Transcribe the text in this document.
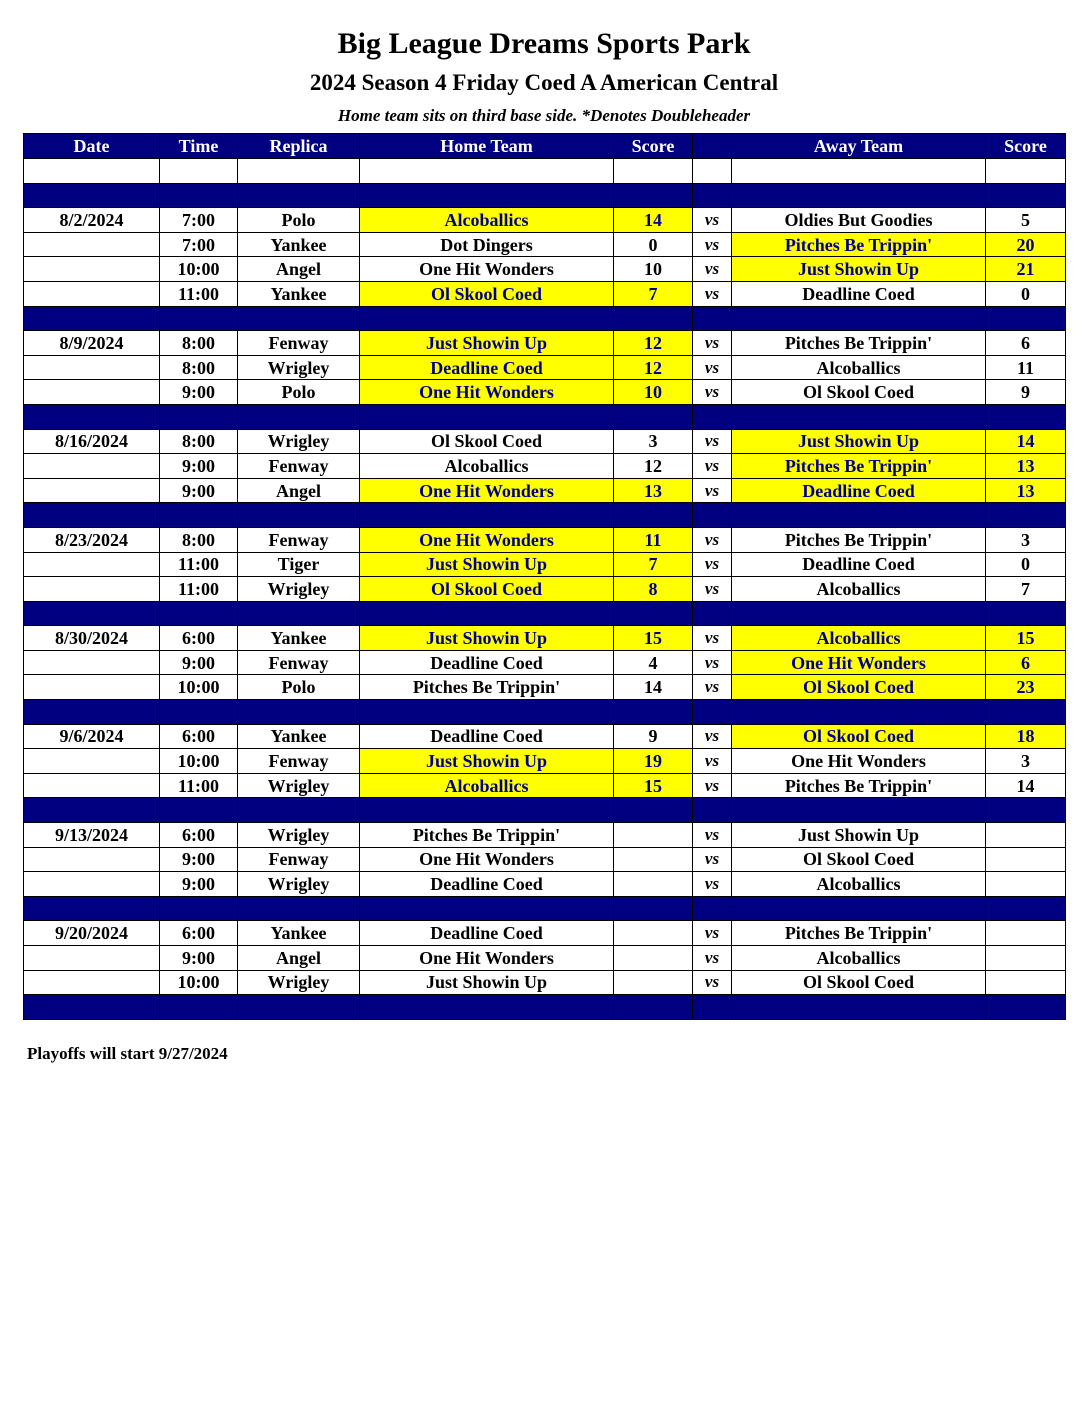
Big League Dreams Sports Park
2024 Season 4 Friday Coed A American Central
Home team sits on third base side. *Denotes Doubleheader
Date	Time	Replica	Home Team	Score		Away Team	Score

8/2/2024	7:00	Polo	Alcoballics	14	vs	Oldies But Goodies	5
	7:00	Yankee	Dot Dingers	0	vs	Pitches Be Trippin'	20
	10:00	Angel	One Hit Wonders	10	vs	Just Showin Up	21
	11:00	Yankee	Ol Skool Coed	7	vs	Deadline Coed	0

8/9/2024	8:00	Fenway	Just Showin Up	12	vs	Pitches Be Trippin'	6
	8:00	Wrigley	Deadline Coed	12	vs	Alcoballics	11
	9:00	Polo	One Hit Wonders	10	vs	Ol Skool Coed	9

8/16/2024	8:00	Wrigley	Ol Skool Coed	3	vs	Just Showin Up	14
	9:00	Fenway	Alcoballics	12	vs	Pitches Be Trippin'	13
	9:00	Angel	One Hit Wonders	13	vs	Deadline Coed	13

8/23/2024	8:00	Fenway	One Hit Wonders	11	vs	Pitches Be Trippin'	3
	11:00	Tiger	Just Showin Up	7	vs	Deadline Coed	0
	11:00	Wrigley	Ol Skool Coed	8	vs	Alcoballics	7

8/30/2024	6:00	Yankee	Just Showin Up	15	vs	Alcoballics	15
	9:00	Fenway	Deadline Coed	4	vs	One Hit Wonders	6
	10:00	Polo	Pitches Be Trippin'	14	vs	Ol Skool Coed	23

9/6/2024	6:00	Yankee	Deadline Coed	9	vs	Ol Skool Coed	18
	10:00	Fenway	Just Showin Up	19	vs	One Hit Wonders	3
	11:00	Wrigley	Alcoballics	15	vs	Pitches Be Trippin'	14

9/13/2024	6:00	Wrigley	Pitches Be Trippin'		vs	Just Showin Up	
	9:00	Fenway	One Hit Wonders		vs	Ol Skool Coed	
	9:00	Wrigley	Deadline Coed		vs	Alcoballics	

9/20/2024	6:00	Yankee	Deadline Coed		vs	Pitches Be Trippin'	
	9:00	Angel	One Hit Wonders		vs	Alcoballics	
	10:00	Wrigley	Just Showin Up		vs	Ol Skool Coed	

Playoffs will start 9/27/2024
